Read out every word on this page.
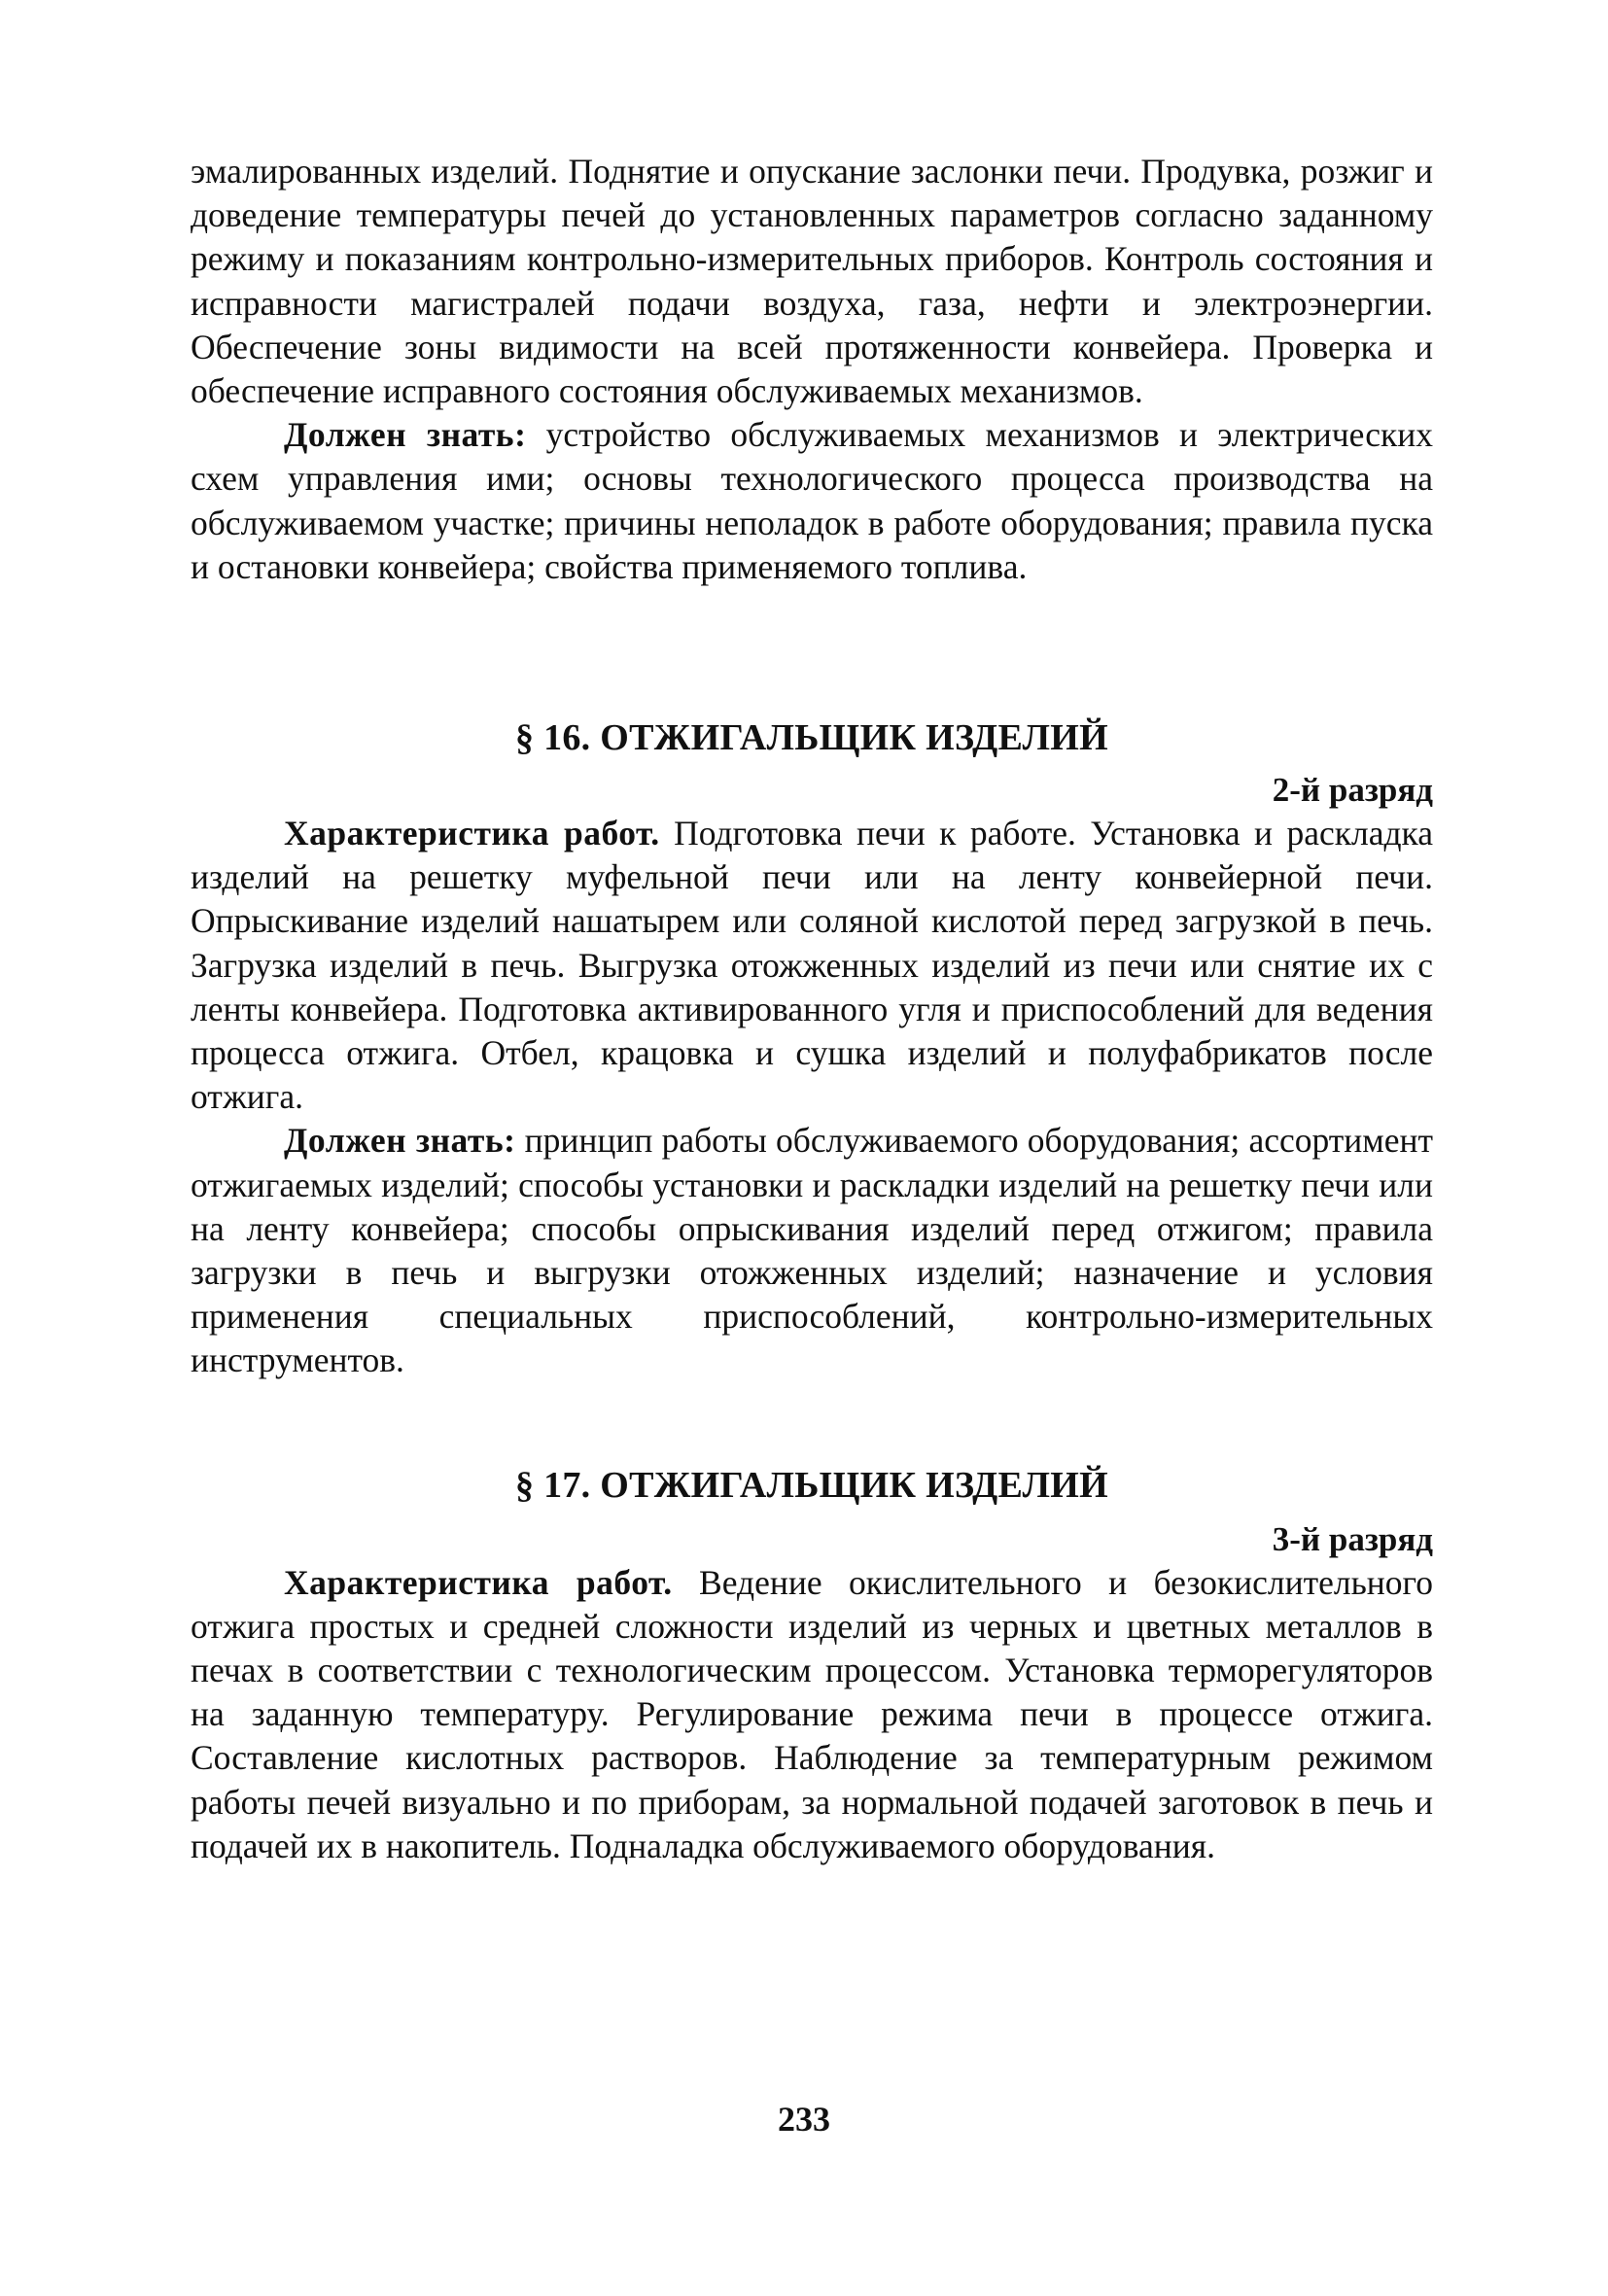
эмалированных изделий. Поднятие и опускание заслонки печи. Продувка, розжиг и доведение температуры печей до установленных параметров согласно заданному режиму и показаниям контрольно-измерительных приборов. Контроль состояния и исправности магистралей подачи воздуха, газа, нефти и электроэнергии. Обеспечение зоны видимости на всей протяженности конвейера. Проверка и обеспечение исправного состояния обслуживаемых механизмов.

Должен знать: устройство обслуживаемых механизмов и электрических схем управления ими; основы технологического процесса производства на обслуживаемом участке; причины неполадок в работе оборудования; правила пуска и остановки конвейера; свойства применяемого топлива.

§ 16. ОТЖИГАЛЬЩИК ИЗДЕЛИЙ
2-й разряд

Характеристика работ. Подготовка печи к работе. Установка и раскладка изделий на решетку муфельной печи или на ленту конвейерной печи. Опрыскивание изделий нашатырем или соляной кислотой перед загрузкой в печь. Загрузка изделий в печь. Выгрузка отожженных изделий из печи или снятие их с ленты конвейера. Подготовка активированного угля и приспособлений для ведения процесса отжига. Отбел, крацовка и сушка изделий и полуфабрикатов после отжига.

Должен знать: принцип работы обслуживаемого оборудования; ассортимент отжигаемых изделий; способы установки и раскладки изделий на решетку печи или на ленту конвейера; способы опрыскивания изделий перед отжигом; правила загрузки в печь и выгрузки отожженных изделий; назначение и условия применения специальных приспособлений, контрольно-измерительных инструментов.

§ 17. ОТЖИГАЛЬЩИК ИЗДЕЛИЙ
3-й разряд

Характеристика работ. Ведение окислительного и безокислительного отжига простых и средней сложности изделий из черных и цветных металлов в печах в соответствии с технологическим процессом. Установка терморегуляторов на заданную температуру. Регулирование режима печи в процессе отжига. Составление кислотных растворов. Наблюдение за температурным режимом работы печей визуально и по приборам, за нормальной подачей заготовок в печь и подачей их в накопитель. Подналадка обслуживаемого оборудования.

233
